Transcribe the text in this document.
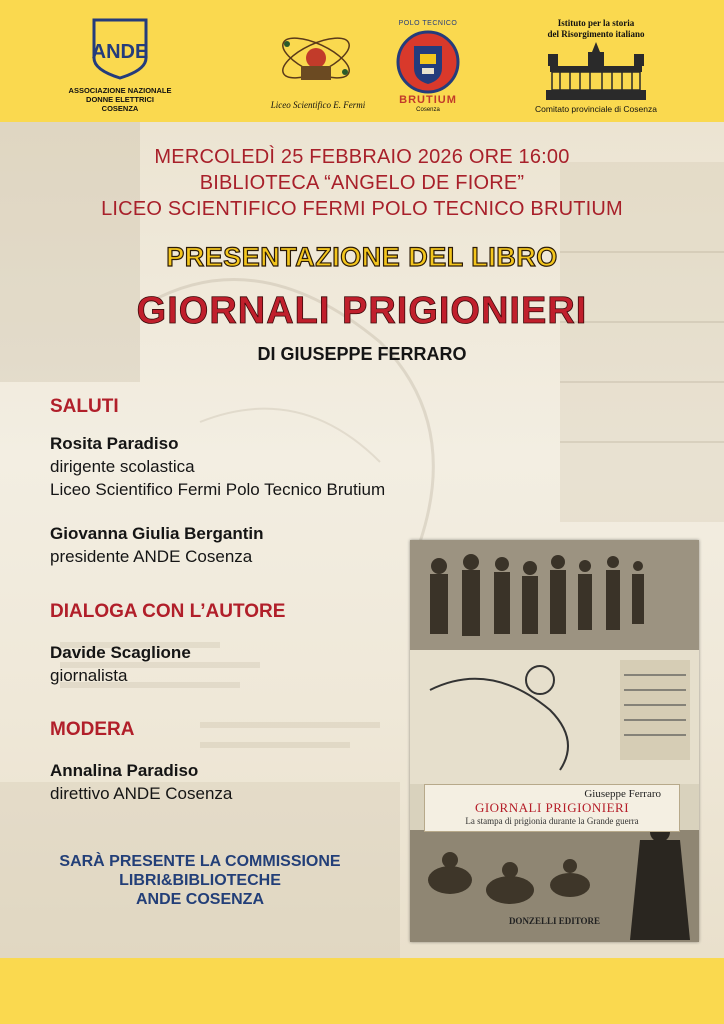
ANDE
ASSOCIAZIONE NAZIONALE
DONNE ELETTRICI
COSENZA	Liceo Scientifico E. Fermi
POLO TECNICO
BRUTIUM
Cosenza
Istituto per la storia
del Risorgimento italiano
Comitato provinciale di Cosenza
MERCOLEDÌ 25 FEBBRAIO 2026 ORE 16:00
BIBLIOTECA “ANGELO DE FIORE”
LICEO SCIENTIFICO FERMI POLO TECNICO BRUTIUM
PRESENTAZIONE DEL LIBRO
GIORNALI PRIGIONIERI
DI GIUSEPPE FERRARO
SALUTI
Rosita Paradiso
dirigente scolastica
Liceo Scientifico Fermi Polo Tecnico Brutium
Giovanna Giulia Bergantin
presidente ANDE Cosenza
DIALOGA CON L’AUTORE
Davide Scaglione
giornalista
MODERA
Annalina Paradiso
direttivo ANDE Cosenza
SARÀ PRESENTE LA COMMISSIONE
LIBRI&BIBLIOTECHE
ANDE COSENZA
Giuseppe Ferraro
GIORNALI PRIGIONIERI
La stampa di prigionia durante la Grande guerra
DONZELLI EDITORE
